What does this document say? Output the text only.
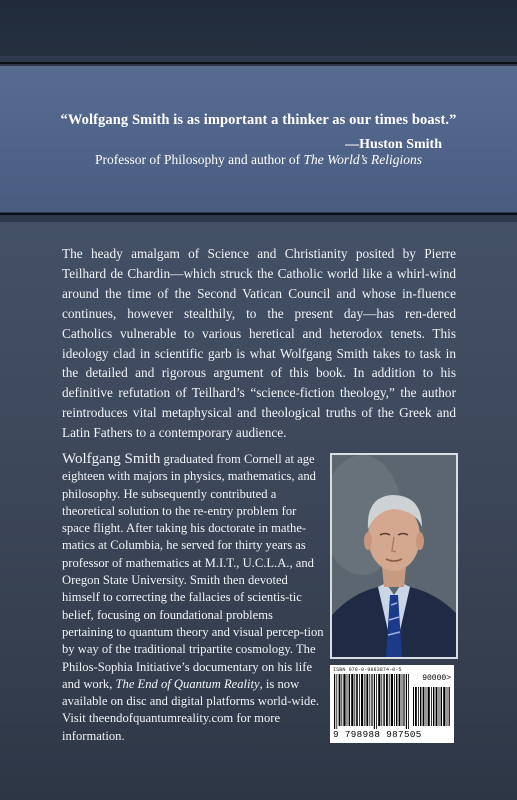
“Wolfgang Smith is as important a thinker as our times boast.”
—Huston Smith
Professor of Philosophy and author of The World’s Religions
The heady amalgam of Science and Christianity posited by Pierre Teilhard de Chardin—which struck the Catholic world like a whirl-wind around the time of the Second Vatican Council and whose in-fluence continues, however stealthily, to the present day—has ren-dered Catholics vulnerable to various heretical and heterodox tenets. This ideology clad in scientific garb is what Wolfgang Smith takes to task in the detailed and rigorous argument of this book. In addition to his definitive refutation of Teilhard’s “science-fiction theology,” the author reintroduces vital metaphysical and theological truths of the Greek and Latin Fathers to a contemporary audience.
Wolfgang Smith graduated from Cornell at age eighteen with majors in physics, mathematics, and philosophy. He subsequently contributed a theoretical solution to the re-entry problem for space flight. After taking his doctorate in mathe-matics at Columbia, he served for thirty years as professor of mathematics at M.I.T., U.C.L.A., and Oregon State University. Smith then devoted himself to correcting the fallacies of scientis-tic belief, focusing on foundational problems pertaining to quantum theory and visual percep-tion by way of the traditional tripartite cosmology. The Philos-Sophia Initiative’s documentary on his life and work, The End of Quantum Reality, is now available on disc and digital platforms world-wide. Visit theendofquantumreality.com for more information.
ISBN 978-0-9883874-0-5
90000>
9 798988 987505
